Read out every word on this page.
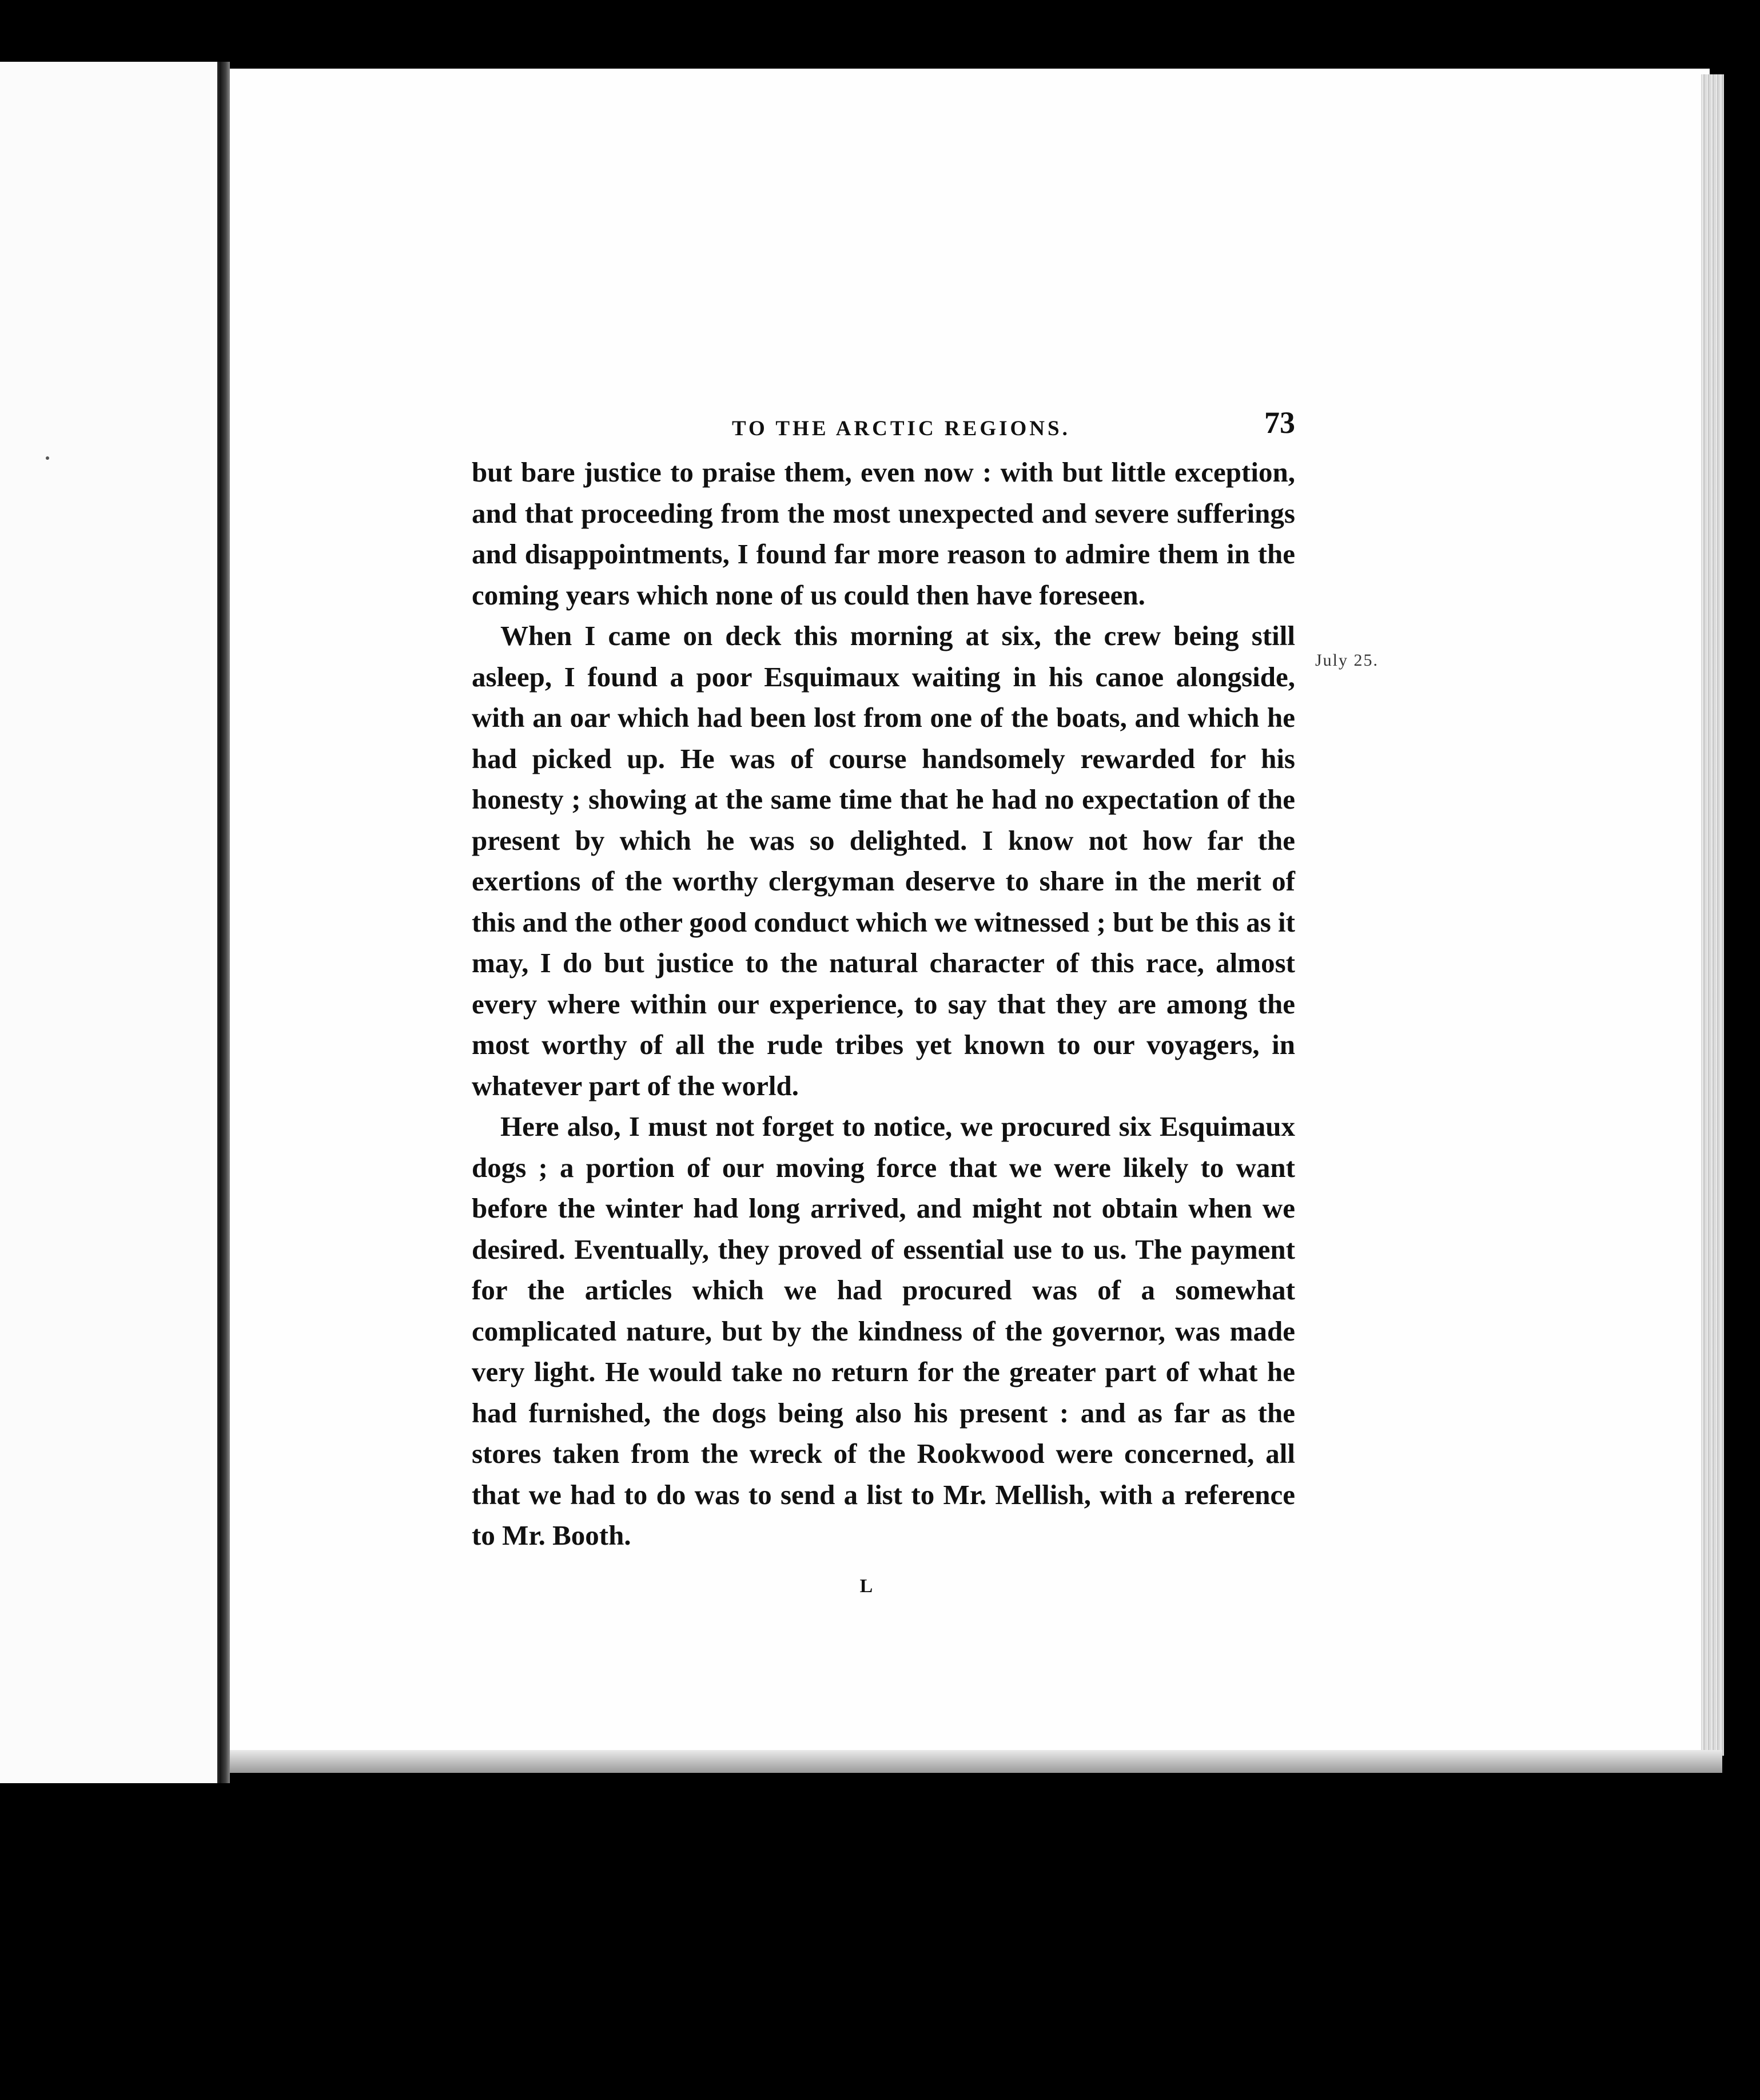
TO THE ARCTIC REGIONS.	73

but bare justice to praise them, even now : with but little exception, and that proceeding from the most unexpected and severe sufferings and disappointments, I found far more reason to admire them in the coming years which none of us could then have foreseen.

When I came on deck this morning at six, the crew being still asleep, I found a poor Esquimaux waiting in his canoe alongside, with an oar which had been lost from one of the boats, and which he had picked up. He was of course handsomely rewarded for his honesty ; showing at the same time that he had no expectation of the present by which he was so delighted. I know not how far the exertions of the worthy clergyman deserve to share in the merit of this and the other good conduct which we witnessed ; but be this as it may, I do but justice to the natural character of this race, almost every where within our experience, to say that they are among the most worthy of all the rude tribes yet known to our voyagers, in whatever part of the world.

Here also, I must not forget to notice, we procured six Esquimaux dogs ; a portion of our moving force that we were likely to want before the winter had long arrived, and might not obtain when we desired. Eventually, they proved of essential use to us. The payment for the articles which we had procured was of a somewhat complicated nature, but by the kindness of the governor, was made very light. He would take no return for the greater part of what he had furnished, the dogs being also his present : and as far as the stores taken from the wreck of the Rookwood were concerned, all that we had to do was to send a list to Mr. Mellish, with a reference to Mr. Booth.

L
July 25.
